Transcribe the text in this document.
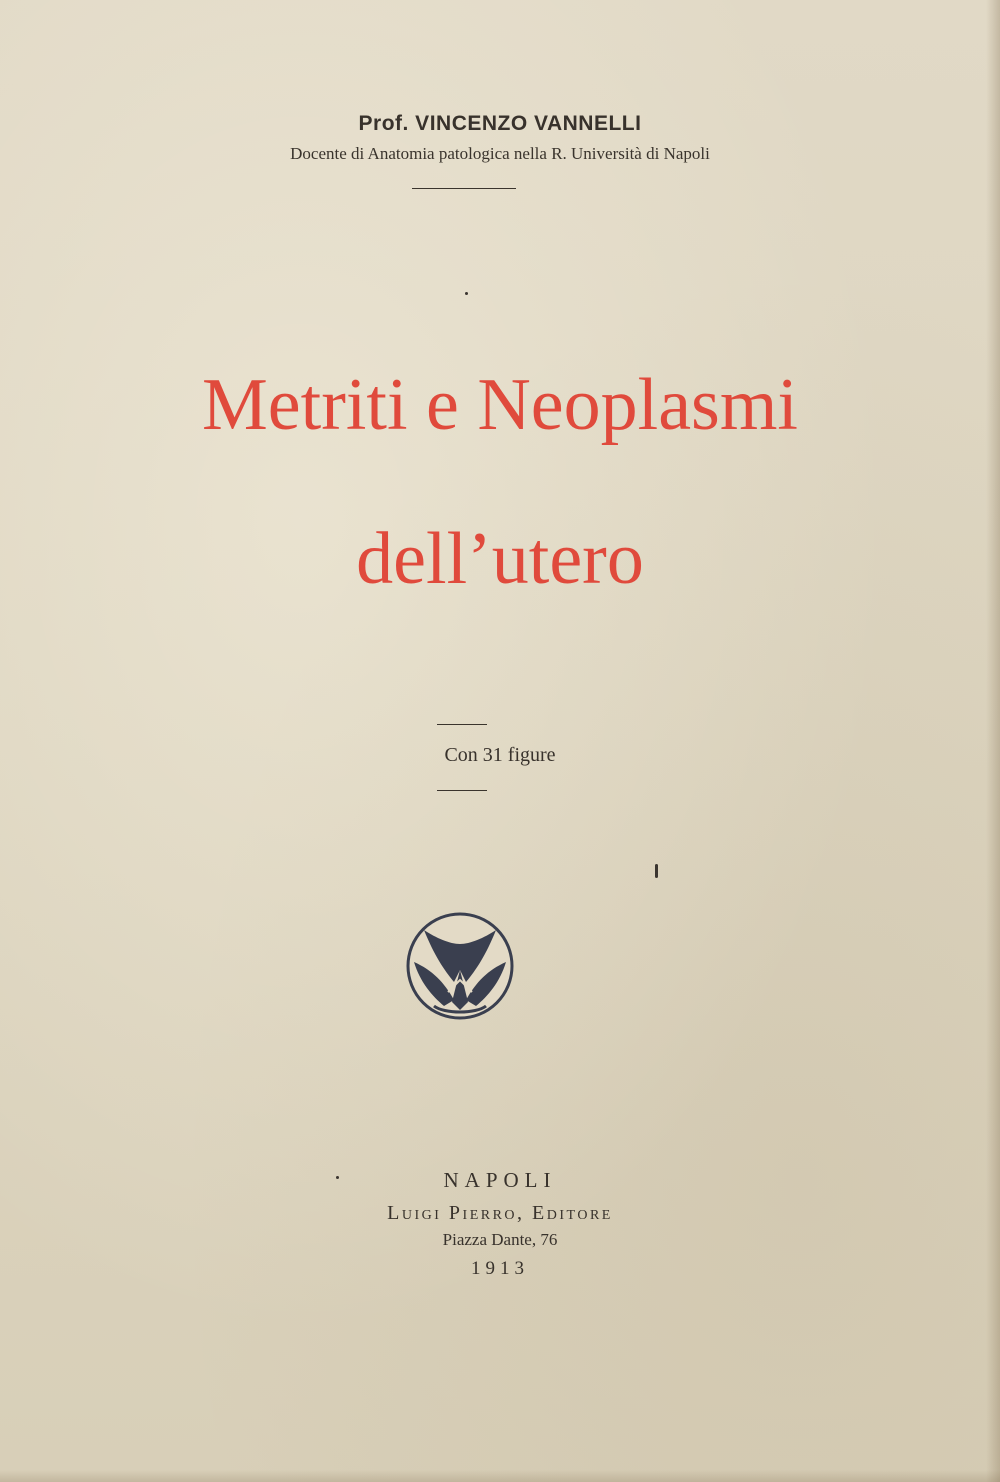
Prof. VINCENZO VANNELLI
Docente di Anatomia patologica nella R. Università di Napoli
Metriti e Neoplasmi
dell’utero
Con 31 figure
NAPOLI
Luigi Pierro, Editore
Piazza Dante, 76
1913
